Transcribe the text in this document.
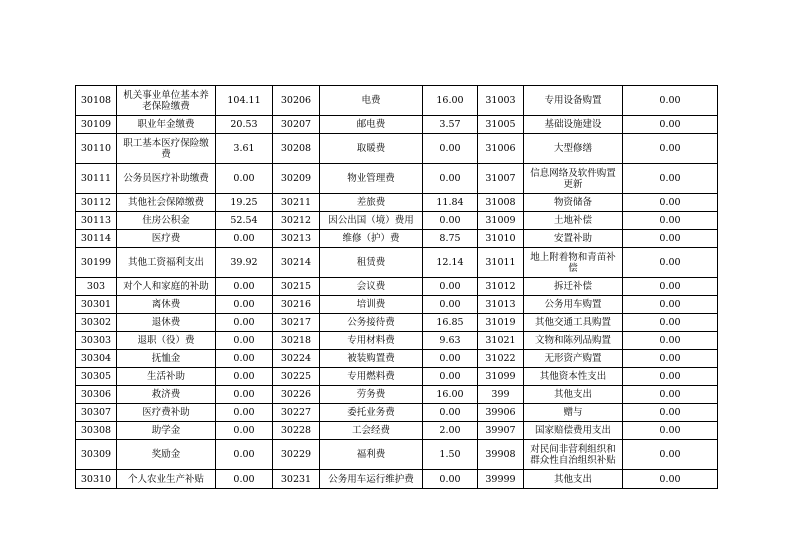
30108	机关事业单位基本养老保险缴费	104.11	30206	电费	16.00	31003	专用设备购置	0.00
30109	职业年金缴费	20.53	30207	邮电费	3.57	31005	基础设施建设	0.00
30110	职工基本医疗保险缴费	3.61	30208	取暖费	0.00	31006	大型修缮	0.00
30111	公务员医疗补助缴费	0.00	30209	物业管理费	0.00	31007	信息网络及软件购置更新	0.00
30112	其他社会保障缴费	19.25	30211	差旅费	11.84	31008	物资储备	0.00
30113	住房公积金	52.54	30212	因公出国（境）费用	0.00	31009	土地补偿	0.00
30114	医疗费	0.00	30213	维修（护）费	8.75	31010	安置补助	0.00
30199	其他工资福利支出	39.92	30214	租赁费	12.14	31011	地上附着物和青苗补偿	0.00
303	对个人和家庭的补助	0.00	30215	会议费	0.00	31012	拆迁补偿	0.00
30301	离休费	0.00	30216	培训费	0.00	31013	公务用车购置	0.00
30302	退休费	0.00	30217	公务接待费	16.85	31019	其他交通工具购置	0.00
30303	退职（役）费	0.00	30218	专用材料费	9.63	31021	文物和陈列品购置	0.00
30304	抚恤金	0.00	30224	被装购置费	0.00	31022	无形资产购置	0.00
30305	生活补助	0.00	30225	专用燃料费	0.00	31099	其他资本性支出	0.00
30306	救济费	0.00	30226	劳务费	16.00	399	其他支出	0.00
30307	医疗费补助	0.00	30227	委托业务费	0.00	39906	赠与	0.00
30308	助学金	0.00	30228	工会经费	2.00	39907	国家赔偿费用支出	0.00
30309	奖励金	0.00	30229	福利费	1.50	39908	对民间非营利组织和群众性自治组织补贴	0.00
30310	个人农业生产补贴	0.00	30231	公务用车运行维护费	0.00	39999	其他支出	0.00
